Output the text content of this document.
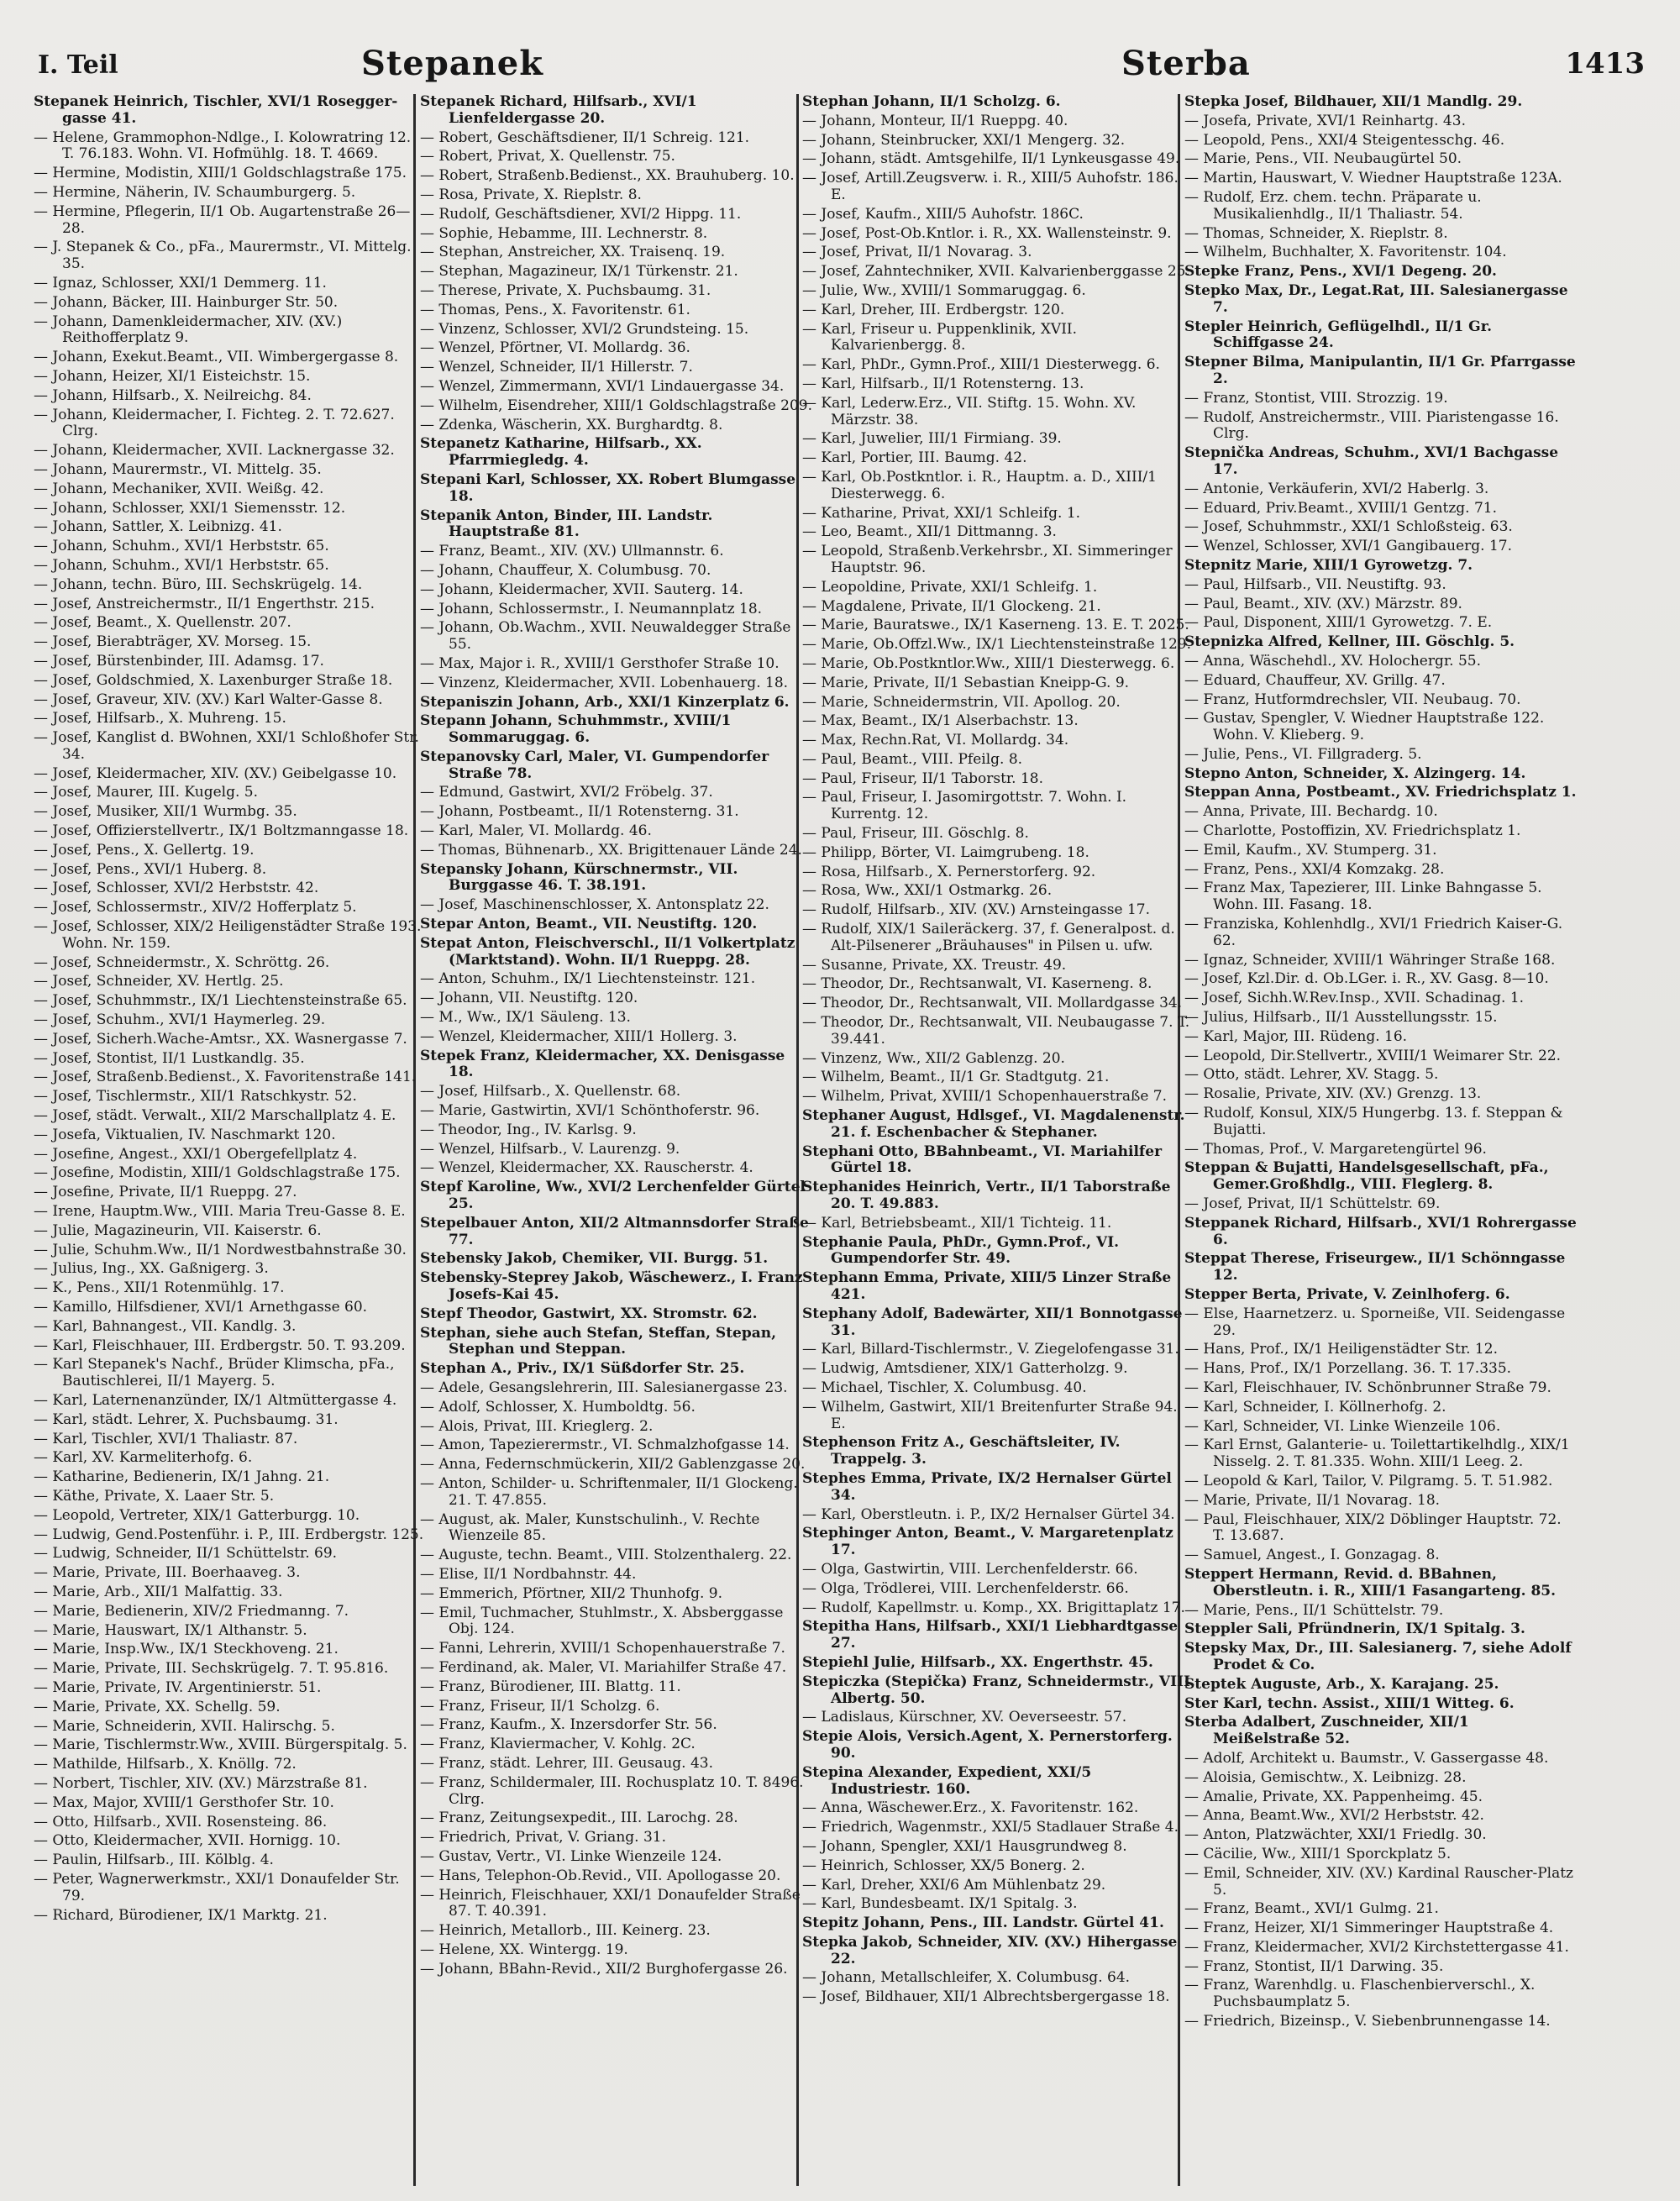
I. Teil	Stepanek	Sterba	1413
Stepanek Heinrich, Tischler, XVI/1 Rosegger-gasse 41.
— Helene, Grammophon-Ndlge., I. Kolowratring 12. T. 76.183. Wohn. VI. Hofmühlg. 18. T. 4669.
— Hermine, Modistin, XIII/1 Goldschlagstraße 175.
— Hermine, Näherin, IV. Schaumburgerg. 5.
— Hermine, Pflegerin, II/1 Ob. Augartenstraße 26—28.
— J. Stepanek & Co., pFa., Maurermstr., VI. Mittelg. 35.
— Ignaz, Schlosser, XXI/1 Demmerg. 11.
— Johann, Bäcker, III. Hainburger Str. 50.
— Johann, Damenkleidermacher, XIV. (XV.) Reithofferplatz 9.
— Johann, Exekut.Beamt., VII. Wimbergergasse 8.
— Johann, Heizer, XI/1 Eisteichstr. 15.
— Johann, Hilfsarb., X. Neilreichg. 84.
— Johann, Kleidermacher, I. Fichteg. 2. T. 72.627. Clrg.
— Johann, Kleidermacher, XVII. Lacknergasse 32.
— Johann, Maurermstr., VI. Mittelg. 35.
— Johann, Mechaniker, XVII. Weißg. 42.
— Johann, Schlosser, XXI/1 Siemensstr. 12.
— Johann, Sattler, X. Leibnizg. 41.
— Johann, Schuhm., XVI/1 Herbststr. 65.
— Johann, Schuhm., XVI/1 Herbststr. 65.
— Johann, techn. Büro, III. Sechskrügelg. 14.
— Josef, Anstreichermstr., II/1 Engerthstr. 215.
— Josef, Beamt., X. Quellenstr. 207.
— Josef, Bierabträger, XV. Morseg. 15.
— Josef, Bürstenbinder, III. Adamsg. 17.
— Josef, Goldschmied, X. Laxenburger Straße 18.
— Josef, Graveur, XIV. (XV.) Karl Walter-Gasse 8.
— Josef, Hilfsarb., X. Muhreng. 15.
— Josef, Kanglist d. BWohnen, XXI/1 Schloßhofer Str. 34.
— Josef, Kleidermacher, XIV. (XV.) Geibelgasse 10.
— Josef, Maurer, III. Kugelg. 5.
— Josef, Musiker, XII/1 Wurmbg. 35.
— Josef, Offizierstellvertr., IX/1 Boltzmanngasse 18.
— Josef, Pens., X. Gellertg. 19.
— Josef, Pens., XVI/1 Huberg. 8.
— Josef, Schlosser, XVI/2 Herbststr. 42.
— Josef, Schlossermstr., XIV/2 Hofferplatz 5.
— Josef, Schlosser, XIX/2 Heiligenstädter Straße 193. Wohn. Nr. 159.
— Josef, Schneidermstr., X. Schröttg. 26.
— Josef, Schneider, XV. Hertlg. 25.
— Josef, Schuhmmstr., IX/1 Liechtensteinstraße 65.
— Josef, Schuhm., XVI/1 Haymerleg. 29.
— Josef, Sicherh.Wache-Amtsr., XX. Wasnergasse 7.
— Josef, Stontist, II/1 Lustkandlg. 35.
— Josef, Straßenb.Bedienst., X. Favoritenstraße 141.
— Josef, Tischlermstr., XII/1 Ratschkystr. 52.
— Josef, städt. Verwalt., XII/2 Marschallplatz 4. E.
— Josefa, Viktualien, IV. Naschmarkt 120.
— Josefine, Angest., XXI/1 Obergefellplatz 4.
— Josefine, Modistin, XIII/1 Goldschlagstraße 175.
— Josefine, Private, II/1 Rueppg. 27.
— Irene, Hauptm.Ww., VIII. Maria Treu-Gasse 8. E.
— Julie, Magazineurin, VII. Kaiserstr. 6.
— Julie, Schuhm.Ww., II/1 Nordwestbahnstraße 30.
— Julius, Ing., XX. Gaßnigerg. 3.
— K., Pens., XII/1 Rotenmühlg. 17.
— Kamillo, Hilfsdiener, XVI/1 Arnethgasse 60.
— Karl, Bahnangest., VII. Kandlg. 3.
— Karl, Fleischhauer, III. Erdbergstr. 50. T. 93.209.
— Karl Stepanek's Nachf., Brüder Klimscha, pFa., Bautischlerei, II/1 Mayerg. 5.
— Karl, Laternenanzünder, IX/1 Altmüttergasse 4.
— Karl, städt. Lehrer, X. Puchsbaumg. 31.
— Karl, Tischler, XVI/1 Thaliastr. 87.
— Karl, XV. Karmeliterhofg. 6.
— Katharine, Bedienerin, IX/1 Jahng. 21.
— Käthe, Private, X. Laaer Str. 5.
— Leopold, Vertreter, XIX/1 Gatterburgg. 10.
— Ludwig, Gend.Postenführ. i. P., III. Erdbergstr. 125.
— Ludwig, Schneider, II/1 Schüttelstr. 69.
— Marie, Private, III. Boerhaaveg. 3.
— Marie, Arb., XII/1 Malfattig. 33.
— Marie, Bedienerin, XIV/2 Friedmanng. 7.
— Marie, Hauswart, IX/1 Althanstr. 5.
— Marie, Insp.Ww., IX/1 Steckhoveng. 21.
— Marie, Private, III. Sechskrügelg. 7. T. 95.816.
— Marie, Private, IV. Argentinierstr. 51.
— Marie, Private, XX. Schellg. 59.
— Marie, Schneiderin, XVII. Halirschg. 5.
— Marie, Tischlermstr.Ww., XVIII. Bürgerspitalg. 5.
— Mathilde, Hilfsarb., X. Knöllg. 72.
— Norbert, Tischler, XIV. (XV.) Märzstraße 81.
— Max, Major, XVIII/1 Gersthofer Str. 10.
— Otto, Hilfsarb., XVII. Rosensteing. 86.
— Otto, Kleidermacher, XVII. Hornigg. 10.
— Paulin, Hilfsarb., III. Kölblg. 4.
— Peter, Wagnerwerkmstr., XXI/1 Donaufelder Str. 79.
— Richard, Bürodiener, IX/1 Marktg. 21.
Stepanek Richard, Hilfsarb., XVI/1 Lienfeldergasse 20.
— Robert, Geschäftsdiener, II/1 Schreig. 121.
— Robert, Privat, X. Quellenstr. 75.
— Robert, Straßenb.Bedienst., XX. Brauhuberg. 10.
— Rosa, Private, X. Rieplstr. 8.
— Rudolf, Geschäftsdiener, XVI/2 Hippg. 11.
— Sophie, Hebamme, III. Lechnerstr. 8.
— Stephan, Anstreicher, XX. Traisenq. 19.
— Stephan, Magazineur, IX/1 Türkenstr. 21.
— Therese, Private, X. Puchsbaumg. 31.
— Thomas, Pens., X. Favoritenstr. 61.
— Vinzenz, Schlosser, XVI/2 Grundsteing. 15.
— Wenzel, Pförtner, VI. Mollardg. 36.
— Wenzel, Schneider, II/1 Hillerstr. 7.
— Wenzel, Zimmermann, XVI/1 Lindauergasse 34.
— Wilhelm, Eisendreher, XIII/1 Goldschlagstraße 209.
— Zdenka, Wäscherin, XX. Burghardtg. 8.
Stepanetz Katharine, Hilfsarb., XX. Pfarrmiegledg. 4.
Stepani Karl, Schlosser, XX. Robert Blumgasse 18.
Stepanik Anton, Binder, III. Landstr. Hauptstraße 81.
— Franz, Beamt., XIV. (XV.) Ullmannstr. 6.
— Johann, Chauffeur, X. Columbusg. 70.
— Johann, Kleidermacher, XVII. Sauterg. 14.
— Johann, Schlossermstr., I. Neumannplatz 18.
— Johann, Ob.Wachm., XVII. Neuwaldegger Straße 55.
— Max, Major i. R., XVIII/1 Gersthofer Straße 10.
— Vinzenz, Kleidermacher, XVII. Lobenhauerg. 18.
Stepaniszin Johann, Arb., XXI/1 Kinzerplatz 6.
Stepann Johann, Schuhmmstr., XVIII/1 Sommaruggag. 6.
Stepanovsky Carl, Maler, VI. Gumpendorfer Straße 78.
— Edmund, Gastwirt, XVI/2 Fröbelg. 37.
— Johann, Postbeamt., II/1 Rotensterng. 31.
— Karl, Maler, VI. Mollardg. 46.
— Thomas, Bühnenarb., XX. Brigittenauer Lände 24.
Stepansky Johann, Kürschnermstr., VII. Burggasse 46. T. 38.191.
— Josef, Maschinenschlosser, X. Antonsplatz 22.
Stepar Anton, Beamt., VII. Neustiftg. 120.
Stepat Anton, Fleischverschl., II/1 Volkertplatz (Marktstand). Wohn. II/1 Rueppg. 28.
— Anton, Schuhm., IX/1 Liechtensteinstr. 121.
— Johann, VII. Neustiftg. 120.
— M., Ww., IX/1 Säuleng. 13.
— Wenzel, Kleidermacher, XIII/1 Hollerg. 3.
Stepek Franz, Kleidermacher, XX. Denisgasse 18.
— Josef, Hilfsarb., X. Quellenstr. 68.
— Marie, Gastwirtin, XVI/1 Schönthoferstr. 96.
— Theodor, Ing., IV. Karlsg. 9.
— Wenzel, Hilfsarb., V. Laurenzg. 9.
— Wenzel, Kleidermacher, XX. Rauscherstr. 4.
Stepf Karoline, Ww., XVI/2 Lerchenfelder Gürtel 25.
Stepelbauer Anton, XII/2 Altmannsdorfer Straße 77.
Stebensky Jakob, Chemiker, VII. Burgg. 51.
Stebensky-Steprey Jakob, Wäschewerz., I. Franz Josefs-Kai 45.
Stepf Theodor, Gastwirt, XX. Stromstr. 62.
Stephan, siehe auch Stefan, Steffan, Stepan, Stephan und Steppan.
Stephan A., Priv., IX/1 Süßdorfer Str. 25.
— Adele, Gesangslehrerin, III. Salesianergasse 23.
— Adolf, Schlosser, X. Humboldtg. 56.
— Alois, Privat, III. Krieglerg. 2.
— Amon, Tapezierermstr., VI. Schmalzhofgasse 14.
— Anna, Federnschmückerin, XII/2 Gablenzgasse 20.
— Anton, Schilder- u. Schriftenmaler, II/1 Glockeng. 21. T. 47.855.
— August, ak. Maler, Kunstschulinh., V. Rechte Wienzeile 85.
— Auguste, techn. Beamt., VIII. Stolzenthalerg. 22.
— Elise, II/1 Nordbahnstr. 44.
— Emmerich, Pförtner, XII/2 Thunhofg. 9.
— Emil, Tuchmacher, Stuhlmstr., X. Absberggasse Obj. 124.
— Fanni, Lehrerin, XVIII/1 Schopenhauerstraße 7.
— Ferdinand, ak. Maler, VI. Mariahilfer Straße 47.
— Franz, Bürodiener, III. Blattg. 11.
— Franz, Friseur, II/1 Scholzg. 6.
— Franz, Kaufm., X. Inzersdorfer Str. 56.
— Franz, Klaviermacher, V. Kohlg. 2C.
— Franz, städt. Lehrer, III. Geusaug. 43.
— Franz, Schildermaler, III. Rochusplatz 10. T. 8496. Clrg.
— Franz, Zeitungsexpedit., III. Larochg. 28.
— Friedrich, Privat, V. Griang. 31.
— Gustav, Vertr., VI. Linke Wienzeile 124.
— Hans, Telephon-Ob.Revid., VII. Apollogasse 20.
— Heinrich, Fleischhauer, XXI/1 Donaufelder Straße 87. T. 40.391.
— Heinrich, Metallorb., III. Keinerg. 23.
— Helene, XX. Wintergg. 19.
— Johann, BBahn-Revid., XII/2 Burghofergasse 26.
Stephan Johann, II/1 Scholzg. 6.
— Johann, Monteur, II/1 Rueppg. 40.
— Johann, Steinbrucker, XXI/1 Mengerg. 32.
— Johann, städt. Amtsgehilfe, II/1 Lynkeusgasse 49.
— Josef, Artill.Zeugsverw. i. R., XIII/5 Auhofstr. 186. E.
— Josef, Kaufm., XIII/5 Auhofstr. 186C.
— Josef, Post-Ob.Kntlor. i. R., XX. Wallensteinstr. 9.
— Josef, Privat, II/1 Novarag. 3.
— Josef, Zahntechniker, XVII. Kalvarienberggasse 25.
— Julie, Ww., XVIII/1 Sommaruggag. 6.
— Karl, Dreher, III. Erdbergstr. 120.
— Karl, Friseur u. Puppenklinik, XVII. Kalvarienbergg. 8.
— Karl, PhDr., Gymn.Prof., XIII/1 Diesterwegg. 6.
— Karl, Hilfsarb., II/1 Rotensterng. 13.
— Karl, Lederw.Erz., VII. Stiftg. 15. Wohn. XV. Märzstr. 38.
— Karl, Juwelier, III/1 Firmiang. 39.
— Karl, Portier, III. Baumg. 42.
— Karl, Ob.Postkntlor. i. R., Hauptm. a. D., XIII/1 Diesterwegg. 6.
— Katharine, Privat, XXI/1 Schleifg. 1.
— Leo, Beamt., XII/1 Dittmanng. 3.
— Leopold, Straßenb.Verkehrsbr., XI. Simmeringer Hauptstr. 96.
— Leopoldine, Private, XXI/1 Schleifg. 1.
— Magdalene, Private, II/1 Glockeng. 21.
— Marie, Bauratswe., IX/1 Kaserneng. 13. E. T. 2025.
— Marie, Ob.Offzl.Ww., IX/1 Liechtensteinstraße 129.
— Marie, Ob.Postkntlor.Ww., XIII/1 Diesterwegg. 6.
— Marie, Private, II/1 Sebastian Kneipp-G. 9.
— Marie, Schneidermstrin, VII. Apollog. 20.
— Max, Beamt., IX/1 Alserbachstr. 13.
— Max, Rechn.Rat, VI. Mollardg. 34.
— Paul, Beamt., VIII. Pfeilg. 8.
— Paul, Friseur, II/1 Taborstr. 18.
— Paul, Friseur, I. Jasomirgottstr. 7. Wohn. I. Kurrentg. 12.
— Paul, Friseur, III. Göschlg. 8.
— Philipp, Börter, VI. Laimgrubeng. 18.
— Rosa, Hilfsarb., X. Pernerstorferg. 92.
— Rosa, Ww., XXI/1 Ostmarkg. 26.
— Rudolf, Hilfsarb., XIV. (XV.) Arnsteingasse 17.
— Rudolf, XIX/1 Saileräckerg. 37, f. Generalpost. d. Alt-Pilsenerer „Bräuhauses" in Pilsen u. ufw.
— Susanne, Private, XX. Treustr. 49.
— Theodor, Dr., Rechtsanwalt, VI. Kaserneng. 8.
— Theodor, Dr., Rechtsanwalt, VII. Mollardgasse 34.
— Theodor, Dr., Rechtsanwalt, VII. Neubaugasse 7. T. 39.441.
— Vinzenz, Ww., XII/2 Gablenzg. 20.
— Wilhelm, Beamt., II/1 Gr. Stadtgutg. 21.
— Wilhelm, Privat, XVIII/1 Schopenhauerstraße 7.
Stephaner August, Hdlsgef., VI. Magdalenenstr. 21. f. Eschenbacher & Stephaner.
Stephani Otto, BBahnbeamt., VI. Mariahilfer Gürtel 18.
Stephanides Heinrich, Vertr., II/1 Taborstraße 20. T. 49.883.
— Karl, Betriebsbeamt., XII/1 Tichteig. 11.
Stephanie Paula, PhDr., Gymn.Prof., VI. Gumpendorfer Str. 49.
Stephann Emma, Private, XIII/5 Linzer Straße 421.
Stephany Adolf, Badewärter, XII/1 Bonnotgasse 31.
— Karl, Billard-Tischlermstr., V. Ziegelofengasse 31.
— Ludwig, Amtsdiener, XIX/1 Gatterholzg. 9.
— Michael, Tischler, X. Columbusg. 40.
— Wilhelm, Gastwirt, XII/1 Breitenfurter Straße 94. E.
Stephenson Fritz A., Geschäftsleiter, IV. Trappelg. 3.
Stephes Emma, Private, IX/2 Hernalser Gürtel 34.
— Karl, Oberstleutn. i. P., IX/2 Hernalser Gürtel 34.
Stephinger Anton, Beamt., V. Margaretenplatz 17.
— Olga, Gastwirtin, VIII. Lerchenfelderstr. 66.
— Olga, Trödlerei, VIII. Lerchenfelderstr. 66.
— Rudolf, Kapellmstr. u. Komp., XX. Brigittaplatz 17.
Stepitha Hans, Hilfsarb., XXI/1 Liebhardtgasse 27.
Stepiehl Julie, Hilfsarb., XX. Engerthstr. 45.
Stepiczka (Stepička) Franz, Schneidermstr., VIII. Albertg. 50.
— Ladislaus, Kürschner, XV. Oeverseestr. 57.
Stepie Alois, Versich.Agent, X. Pernerstorferg. 90.
Stepina Alexander, Expedient, XXI/5 Industriestr. 160.
— Anna, Wäschewer.Erz., X. Favoritenstr. 162.
— Friedrich, Wagenmstr., XXI/5 Stadlauer Straße 4.
— Johann, Spengler, XXI/1 Hausgrundweg 8.
— Heinrich, Schlosser, XX/5 Bonerg. 2.
— Karl, Dreher, XXI/6 Am Mühlenbatz 29.
— Karl, Bundesbeamt. IX/1 Spitalg. 3.
Stepitz Johann, Pens., III. Landstr. Gürtel 41.
Stepka Jakob, Schneider, XIV. (XV.) Hihergasse 22.
— Johann, Metallschleifer, X. Columbusg. 64.
— Josef, Bildhauer, XII/1 Albrechtsbergergasse 18.
Stepka Josef, Bildhauer, XII/1 Mandlg. 29.
— Josefa, Private, XVI/1 Reinhartg. 43.
— Leopold, Pens., XXI/4 Steigentesschg. 46.
— Marie, Pens., VII. Neubaugürtel 50.
— Martin, Hauswart, V. Wiedner Hauptstraße 123A.
— Rudolf, Erz. chem. techn. Präparate u. Musikalienhdlg., II/1 Thaliastr. 54.
— Thomas, Schneider, X. Rieplstr. 8.
— Wilhelm, Buchhalter, X. Favoritenstr. 104.
Stepke Franz, Pens., XVI/1 Degeng. 20.
Stepko Max, Dr., Legat.Rat, III. Salesianergasse 7.
Stepler Heinrich, Geflügelhdl., II/1 Gr. Schiffgasse 24.
Stepner Bilma, Manipulantin, II/1 Gr. Pfarrgasse 2.
— Franz, Stontist, VIII. Strozzig. 19.
— Rudolf, Anstreichermstr., VIII. Piaristengasse 16. Clrg.
Stepnička Andreas, Schuhm., XVI/1 Bachgasse 17.
— Antonie, Verkäuferin, XVI/2 Haberlg. 3.
— Eduard, Priv.Beamt., XVIII/1 Gentzg. 71.
— Josef, Schuhmmstr., XXI/1 Schloßsteig. 63.
— Wenzel, Schlosser, XVI/1 Gangibauerg. 17.
Stepnitz Marie, XIII/1 Gyrowetzg. 7.
— Paul, Hilfsarb., VII. Neustiftg. 93.
— Paul, Beamt., XIV. (XV.) Märzstr. 89.
— Paul, Disponent, XIII/1 Gyrowetzg. 7. E.
Stepnizka Alfred, Kellner, III. Göschlg. 5.
— Anna, Wäschehdl., XV. Holochergr. 55.
— Eduard, Chauffeur, XV. Grillg. 47.
— Franz, Hutformdrechsler, VII. Neubaug. 70.
— Gustav, Spengler, V. Wiedner Hauptstraße 122. Wohn. V. Klieberg. 9.
— Julie, Pens., VI. Fillgraderg. 5.
Stepno Anton, Schneider, X. Alzingerg. 14.
Steppan Anna, Postbeamt., XV. Friedrichsplatz 1.
— Anna, Private, III. Bechardg. 10.
— Charlotte, Postoffizin, XV. Friedrichsplatz 1.
— Emil, Kaufm., XV. Stumperg. 31.
— Franz, Pens., XXI/4 Komzakg. 28.
— Franz Max, Tapezierer, III. Linke Bahngasse 5. Wohn. III. Fasang. 18.
— Franziska, Kohlenhdlg., XVI/1 Friedrich Kaiser-G. 62.
— Ignaz, Schneider, XVIII/1 Währinger Straße 168.
— Josef, Kzl.Dir. d. Ob.LGer. i. R., XV. Gasg. 8—10.
— Josef, Sichh.W.Rev.Insp., XVII. Schadinag. 1.
— Julius, Hilfsarb., II/1 Ausstellungsstr. 15.
— Karl, Major, III. Rüdeng. 16.
— Leopold, Dir.Stellvertr., XVIII/1 Weimarer Str. 22.
— Otto, städt. Lehrer, XV. Stagg. 5.
— Rosalie, Private, XIV. (XV.) Grenzg. 13.
— Rudolf, Konsul, XIX/5 Hungerbg. 13. f. Steppan & Bujatti.
— Thomas, Prof., V. Margaretengürtel 96.
Steppan & Bujatti, Handelsgesellschaft, pFa., Gemer.Großhdlg., VIII. Fleglerg. 8.
— Josef, Privat, II/1 Schüttelstr. 69.
Steppanek Richard, Hilfsarb., XVI/1 Rohrergasse 6.
Steppat Therese, Friseurgew., II/1 Schönngasse 12.
Stepper Berta, Private, V. Zeinlhoferg. 6.
— Else, Haarnetzerz. u. Sporneiße, VII. Seidengasse 29.
— Hans, Prof., IX/1 Heiligenstädter Str. 12.
— Hans, Prof., IX/1 Porzellang. 36. T. 17.335.
— Karl, Fleischhauer, IV. Schönbrunner Straße 79.
— Karl, Schneider, I. Köllnerhofg. 2.
— Karl, Schneider, VI. Linke Wienzeile 106.
— Karl Ernst, Galanterie- u. Toilettartikelhdlg., XIX/1 Nisselg. 2. T. 81.335. Wohn. XIII/1 Leeg. 2.
— Leopold & Karl, Tailor, V. Pilgramg. 5. T. 51.982.
— Marie, Private, II/1 Novarag. 18.
— Paul, Fleischhauer, XIX/2 Döblinger Hauptstr. 72. T. 13.687.
— Samuel, Angest., I. Gonzagag. 8.
Steppert Hermann, Revid. d. BBahnen, Oberstleutn. i. R., XIII/1 Fasangarteng. 85.
— Marie, Pens., II/1 Schüttelstr. 79.
Steppler Sali, Pfründnerin, IX/1 Spitalg. 3.
Stepsky Max, Dr., III. Salesianerg. 7, siehe Adolf Prodet & Co.
Steptek Auguste, Arb., X. Karajang. 25.
Ster Karl, techn. Assist., XIII/1 Witteg. 6.
Sterba Adalbert, Zuschneider, XII/1 Meißelstraße 52.
— Adolf, Architekt u. Baumstr., V. Gassergasse 48.
— Aloisia, Gemischtw., X. Leibnizg. 28.
— Amalie, Private, XX. Pappenheimg. 45.
— Anna, Beamt.Ww., XVI/2 Herbststr. 42.
— Anton, Platzwächter, XXI/1 Friedlg. 30.
— Cäcilie, Ww., XIII/1 Sporckplatz 5.
— Emil, Schneider, XIV. (XV.) Kardinal Rauscher-Platz 5.
— Franz, Beamt., XVI/1 Gulmg. 21.
— Franz, Heizer, XI/1 Simmeringer Hauptstraße 4.
— Franz, Kleidermacher, XVI/2 Kirchstettergasse 41.
— Franz, Stontist, II/1 Darwing. 35.
— Franz, Warenhdlg. u. Flaschenbierverschl., X. Puchsbaumplatz 5.
— Friedrich, Bizeinsp., V. Siebenbrunnengasse 14.
